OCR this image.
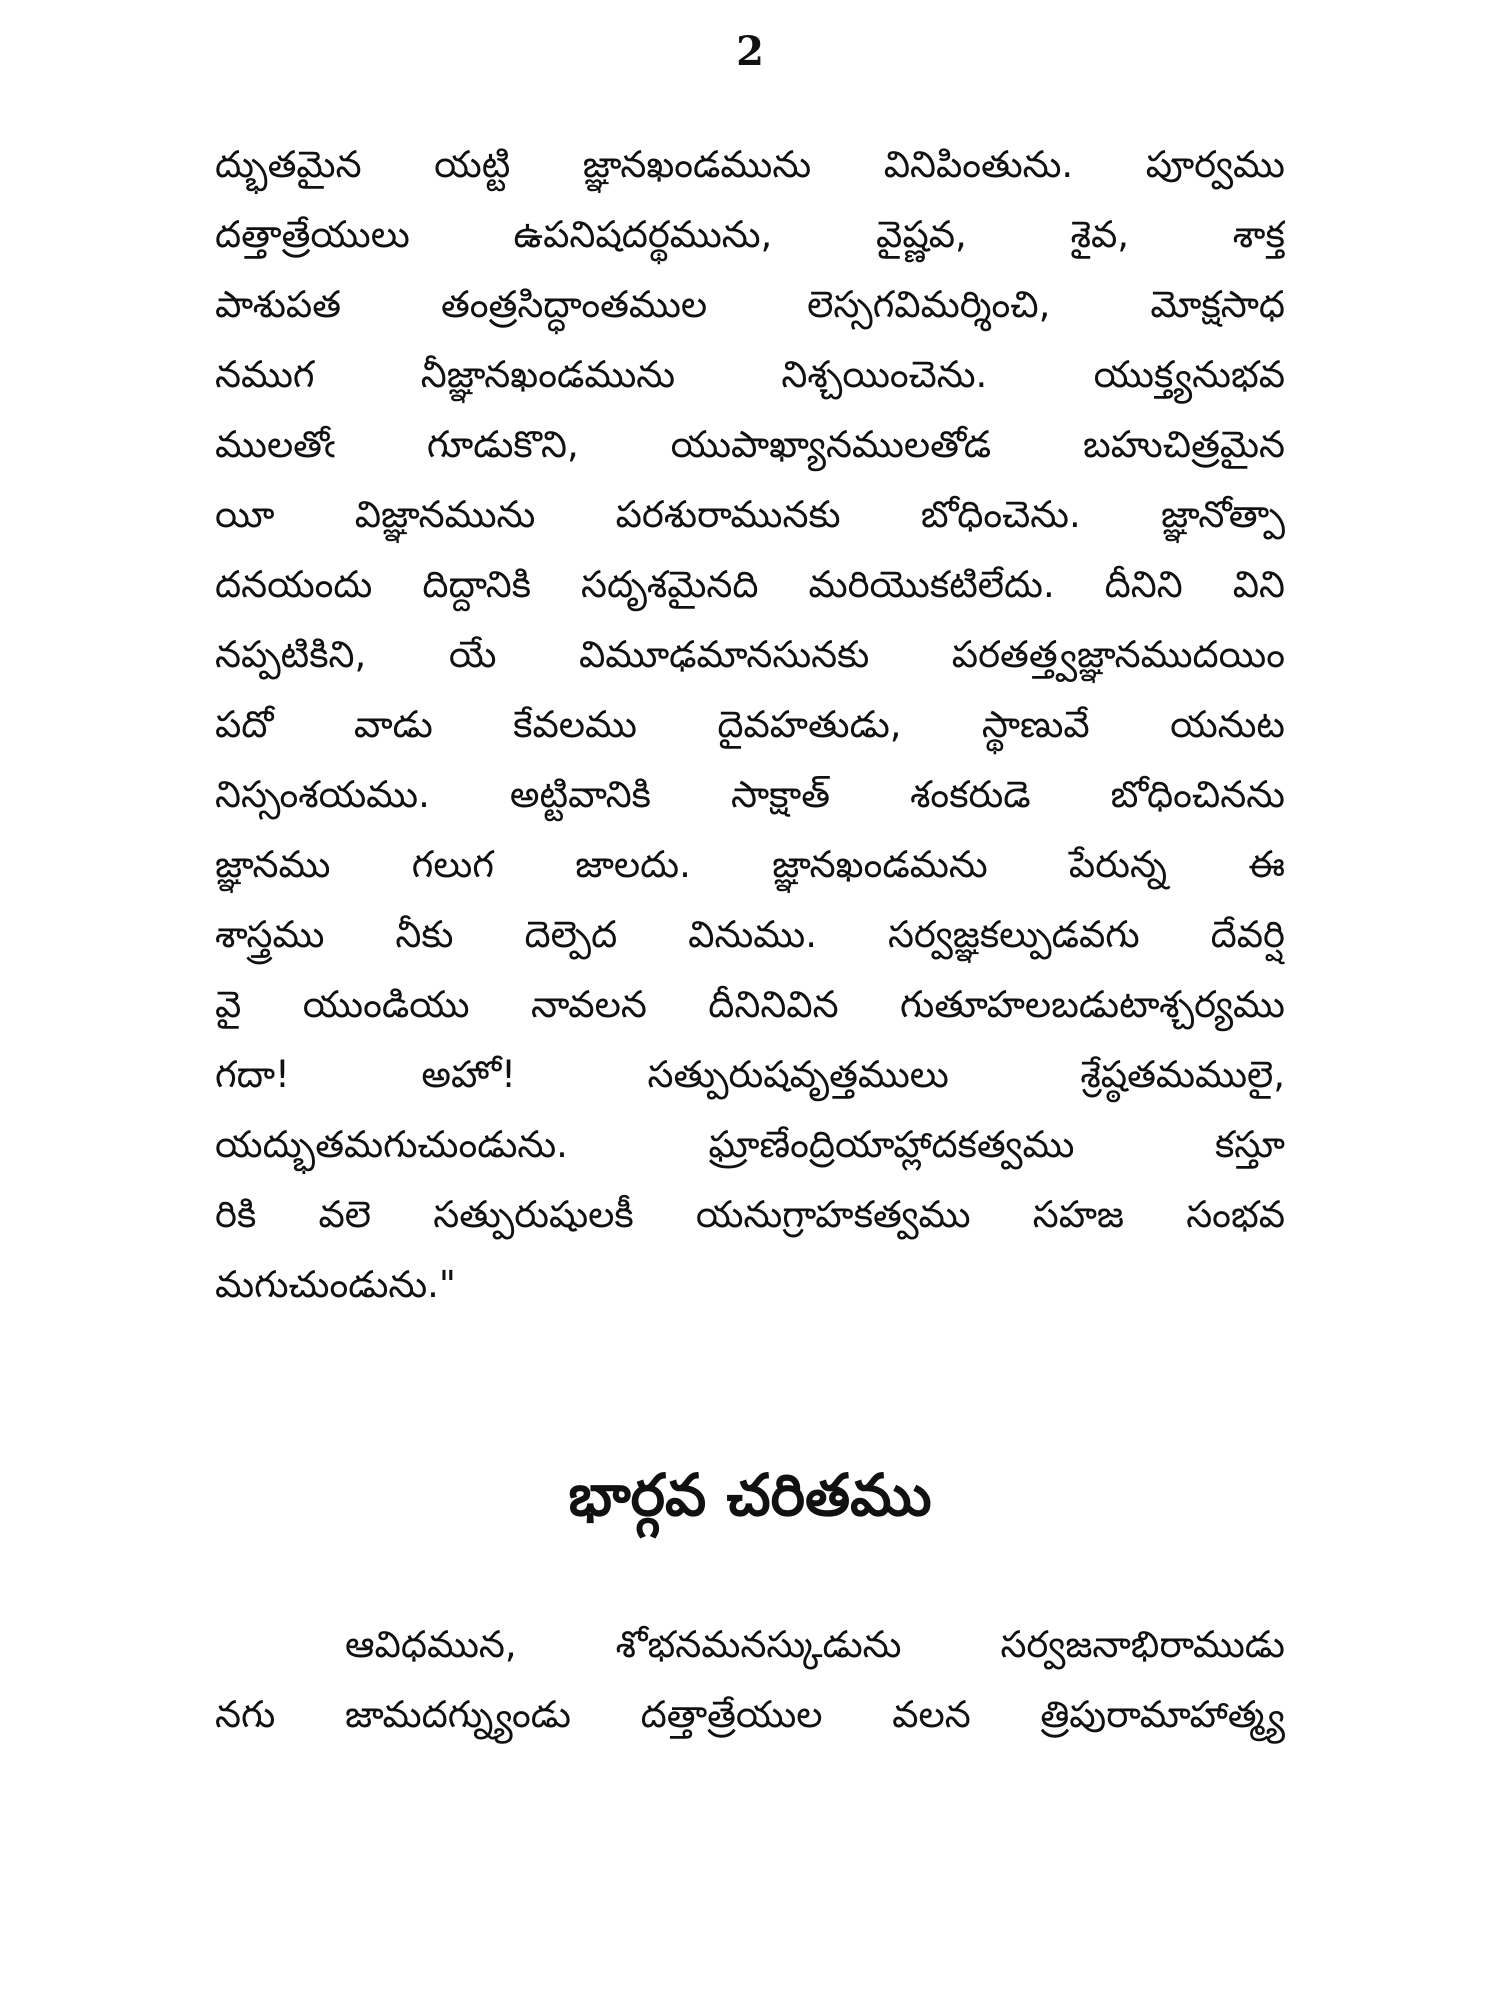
2
ద్భుతమైన యట్టి జ్ఞానఖండమును వినిపింతును. పూర్వము
దత్తాత్రేయులు ఉపనిషదర్థమును, వైష్ణవ, శైవ, శాక్త
పాశుపత తంత్రసిద్ధాంతముల లెస్సగవిమర్శించి, మోక్షసాధ
నముగ నీజ్ఞానఖండమును నిశ్చయించెను. యుక్త్యనుభవ
ములతోఁ గూడుకొని, యుపాఖ్యానములతోడ బహుచిత్రమైన
యీ విజ్ఞానమును పరశురామునకు బోధించెను. జ్ఞానోత్పా
దనయందు దిద్దానికి సదృశమైనది మరియొకటిలేదు. దీనిని విని
నప్పటికిని, యే విమూఢమానసునకు పరతత్త్వజ్ఞానముదయిం
పదో వాడు కేవలము దైవహతుడు, స్థాణువే యనుట
నిస్సంశయము. అట్టివానికి సాక్షాత్ శంకరుడె బోధించినను
జ్ఞానము గలుగ జాలదు. జ్ఞానఖండమను పేరున్న ఈ
శాస్త్రము నీకు దెల్పెద వినుము. సర్వజ్ఞకల్పుడవగు దేవర్షి
వై యుండియు నావలన దీనినివిన గుతూహలబడుటాశ్చర్యము
గదా! అహో! సత్పురుషవృత్తములు శ్రేష్ఠతమములై,
యద్భుతమగుచుండును. ఘ్రాణేంద్రియాహ్లాదకత్వము కస్తూ
రికి వలె సత్పురుషులకీ యనుగ్రాహకత్వము సహజ సంభవ
మగుచుండును."
భార్గవ చరితము
ఆవిధమున, శోభనమనస్కుడును సర్వజనాభిరాముడు
నగు జామదగ్న్యుండు దత్తాత్రేయుల వలన త్రిపురామాహాత్మ్య
